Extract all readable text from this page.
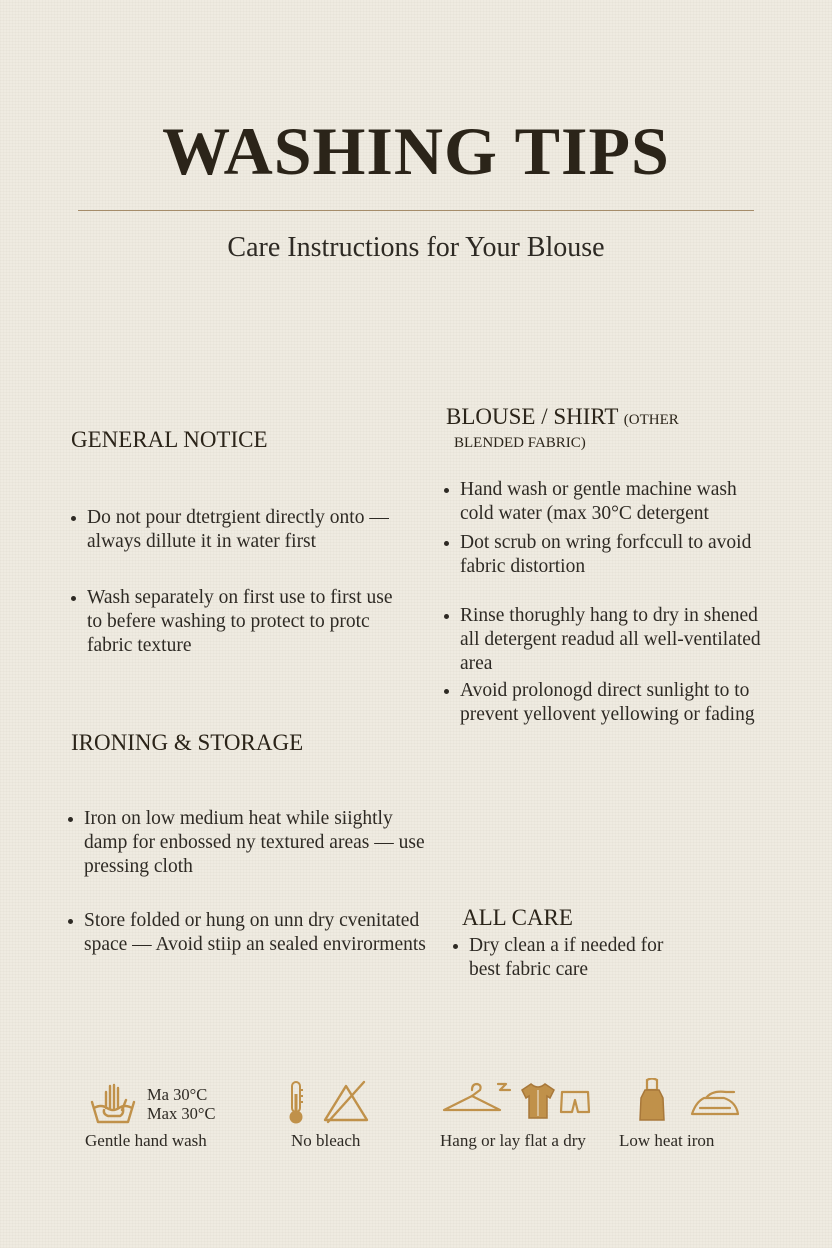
WASHING TIPS
Care Instructions for Your Blouse
GENERAL NOTICE
Do not pour dtetrgient directly onto — always dillute it in water first
Wash separately on first use to first use to befere washing to protect to protc fabric texture
BLOUSE / SHIRT (OTHER
BLENDED FABRIC)
Hand wash or gentle machine wash cold water (max 30°C detergent
Dot scrub on wring forfccull to avoid fabric distortion
Rinse thorughly hang to dry in shened all detergent readud all well-ventilated area
Avoid prolonogd direct sunlight to to prevent yellovent yellowing or fading
IRONING & STORAGE
Iron on low medium heat while siightly damp for enbossed ny textured areas — use pressing cloth
Store folded or hung on unn dry cvenitated space — Avoid stiip an sealed envirorments
ALL CARE
Dry clean a if needed for best fabric care
Ma 30°C
Max 30°C
Gentle hand wash	No bleach	Hang or lay flat a dry Low heat iron
